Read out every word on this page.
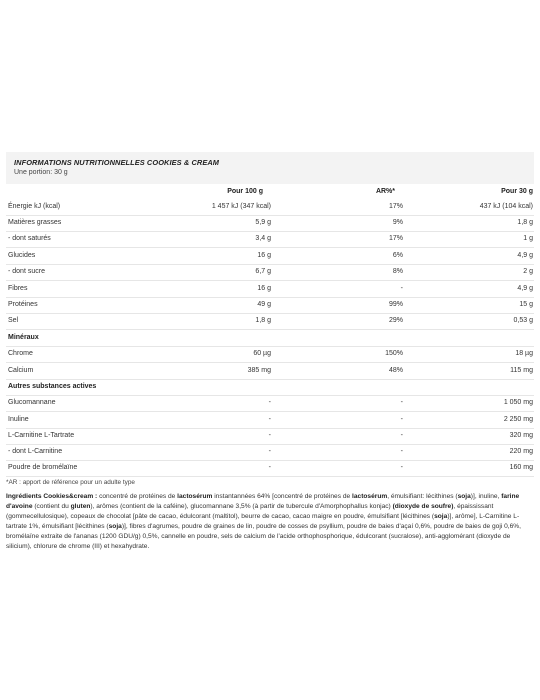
INFORMATIONS NUTRITIONNELLES COOKIES & CREAM
Une portion: 30 g
Pour 100 g	AR%*	Pour 30 g
Énergie kJ (kcal)	1 457 kJ (347 kcal)	17%	437 kJ (104 kcal)
Matières grasses	5,9 g	9%	1,8 g
- dont saturés	3,4 g	17%	1 g
Glucides	16 g	6%	4,9 g
- dont sucre	6,7 g	8%	2 g
Fibres	16 g	-	4,9 g
Protéines	49 g	99%	15 g
Sel	1,8 g	29%	0,53 g
Minéraux
Chrome	60 µg	150%	18 µg
Calcium	385 mg	48%	115 mg
Autres substances actives
Glucomannane	-	-	1 050 mg
Inuline	-	-	2 250 mg
L-Carnitine L-Tartrate	-	-	320 mg
- dont L-Carnitine	-	-	220 mg
Poudre de bromélaïne	-	-	160 mg
*AR : apport de référence pour un adulte type
Ingrédients Cookies&cream : concentré de protéines de lactosérum instantannées 64% [concentré de protéines de lactosérum, émulsifiant: lécithines (soja)], inuline, farine d'avoine (contient du gluten), arômes (contient de la caféine), glucomannane 3,5% (à partir de tubercule d'Amorphophallus konjac) (dioxyde de soufre), épaississant (gommecellulosique), copeaux de chocolat [pâte de cacao, édulcorant (maltitol), beurre de cacao, cacao maigre en poudre, émulsifiant [lécithines (soja)], arôme], L-Carnitine L-tartrate 1%, émulsifiant [lécithines (soja)], fibres d'agrumes, poudre de graines de lin, poudre de cosses de psyllium, poudre de baies d'açaí 0,6%, poudre de baies de goji 0,6%, bromélaïne extraite de l'ananas (1200 GDU/g) 0,5%, cannelle en poudre, sels de calcium de l'acide orthophosphorique, édulcorant (sucralose), anti-agglomérant (dioxyde de silicium), chlorure de chrome (III) et hexahydrate.
